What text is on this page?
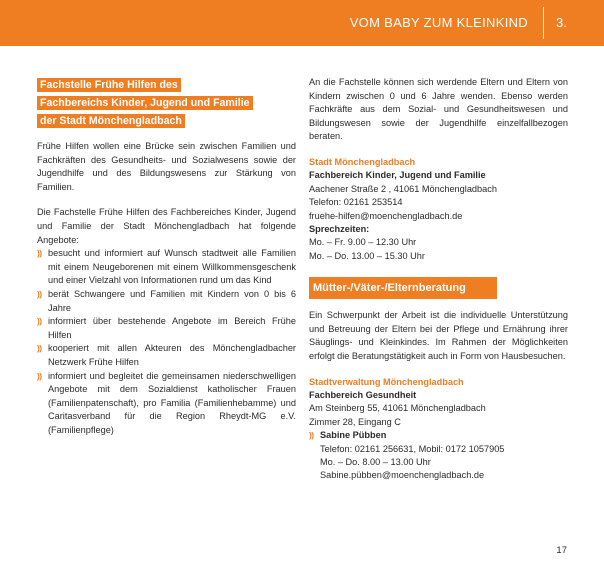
VOM BABY ZUM KLEINKIND 3.
Fachstelle Frühe Hilfen des
Fachbereichs Kinder, Jugend und Familie
der Stadt Mönchengladbach

Frühe Hilfen wollen eine Brücke sein zwischen Familien und Fachkräften des Gesundheits- und Sozialwesens sowie der Jugendhilfe und des Bildungswesens zur Stärkung von Familien.

Die Fachstelle Frühe Hilfen des Fachbereiches Kinder, Jugend und Familie der Stadt Mönchengladbach hat folgende Angebote:

)) besucht und informiert auf Wunsch stadtweit alle Familien mit einem Neugeborenen mit einem Willkommensgeschenk und einer Vielzahl von Informationen rund um das Kind
)) berät Schwangere und Familien mit Kindern von 0 bis 6 Jahre
)) informiert über bestehende Angebote im Bereich Frühe Hilfen
)) kooperiert mit allen Akteuren des Mönchengladbacher Netzwerk Frühe Hilfen
)) informiert und begleitet die gemeinsamen niederschwelligen Angebote mit dem Sozialdienst katholischer Frauen (Familienpatenschaft), pro Familia (Familienhebamme) und Caritasverband für die Region Rheydt-MG e.V. (Familienpflege)

An die Fachstelle können sich werdende Eltern und Eltern von Kindern zwischen 0 und 6 Jahre wenden. Ebenso werden Fachkräfte aus dem Sozial- und Gesundheitswesen und Bildungswesen sowie der Jugendhilfe einzelfallbezogen beraten.

Stadt Mönchengladbach
Fachbereich Kinder, Jugend und Familie
Aachener Straße 2 , 41061 Mönchengladbach
Telefon: 02161 253514
fruehe-hilfen@moenchengladbach.de
Sprechzeiten:
Mo. – Fr. 9.00 – 12.30 Uhr
Mo. – Do. 13.00 – 15.30 Uhr
Mütter-/Väter-/Elternberatung

Ein Schwerpunkt der Arbeit ist die individuelle Unterstützung und Betreuung der Eltern bei der Pflege und Ernährung ihrer Säuglings- und Kleinkindes. Im Rahmen der Möglichkeiten erfolgt die Beratungstätigkeit auch in Form von Hausbesuchen.

Stadtverwaltung Mönchengladbach
Fachbereich Gesundheit
Am Steinberg 55, 41061 Mönchengladbach
Zimmer 28, Eingang C
)) Sabine Pübben
Telefon: 02161 256631, Mobil: 0172 1057905
Mo. – Do. 8.00 – 13.00 Uhr
Sabine.pübben@moenchengladbach.de
17
